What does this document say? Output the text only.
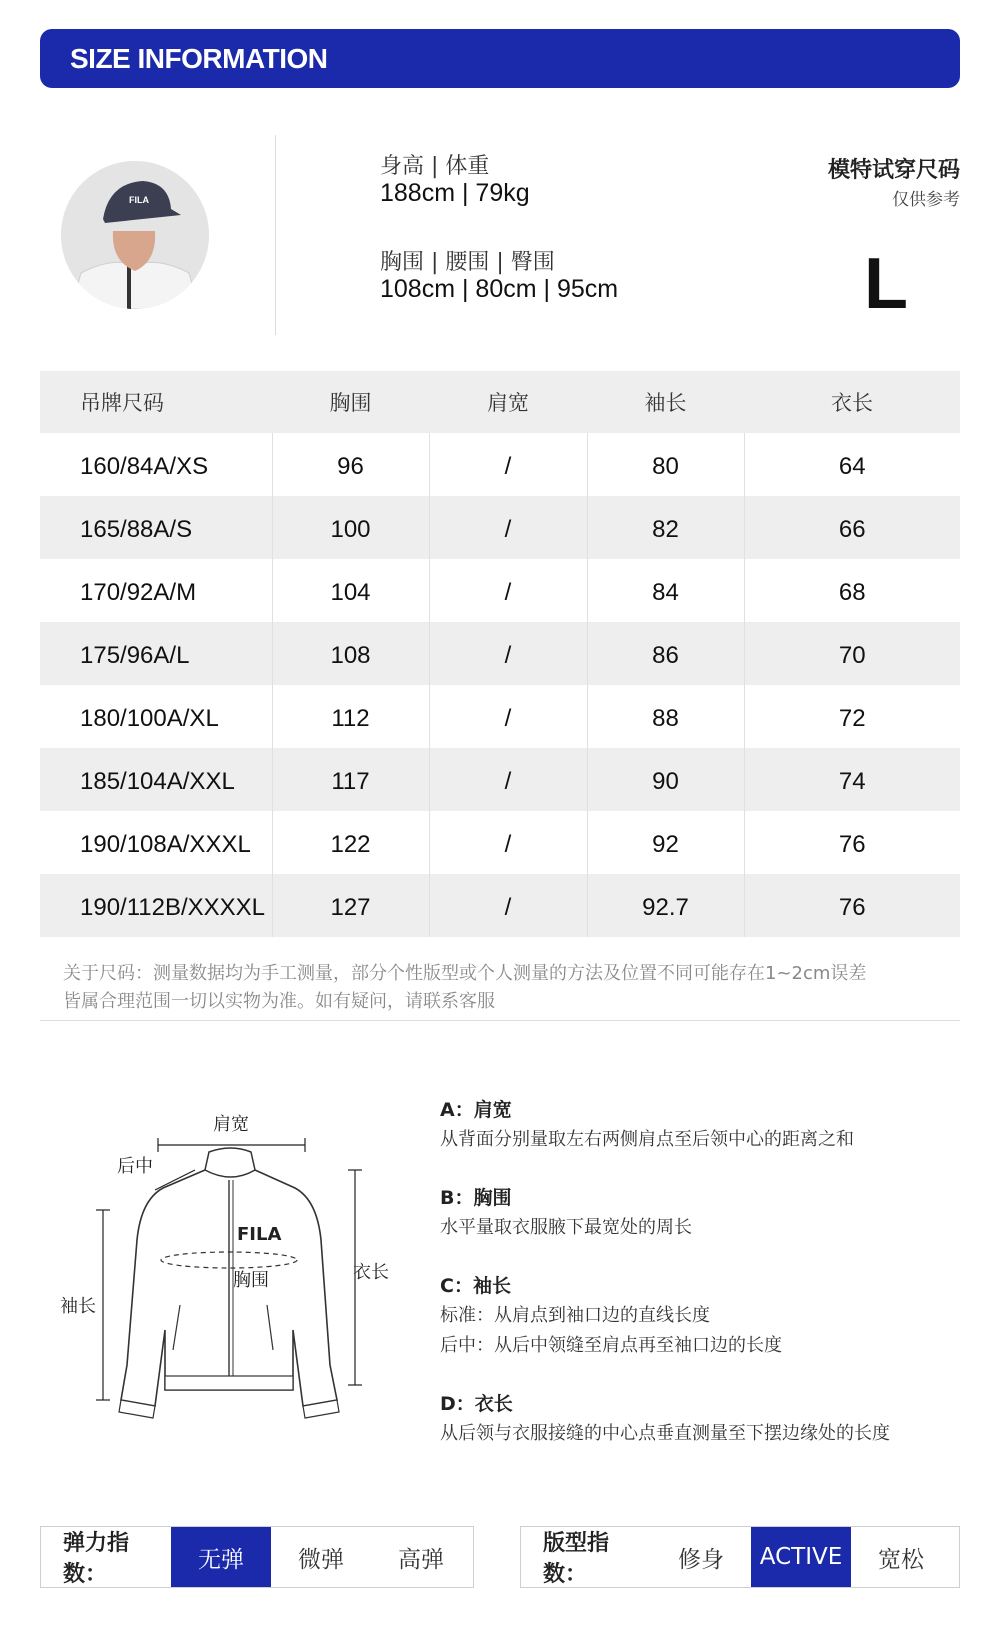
SIZE INFORMATION
FILA
身高 | 体重
188cm | 79kg
胸围 | 腰围 | 臀围
108cm | 80cm | 95cm
模特试穿尺码
仅供参考
L
吊牌尺码	胸围	肩宽	袖长	衣长
160/84A/XS	96	/	80	64
165/88A/S	100	/	82	66
170/92A/M	104	/	84	68
175/96A/L	108	/	86	70
180/100A/XL	112	/	88	72
185/104A/XXL	117	/	90	74
190/108A/XXXL	122	/	92	76
190/112B/XXXXL	127	/	92.7	76
关于尺码：测量数据均为手工测量，部分个性版型或个人测量的方法及位置不同可能存在1~2cm误差
皆属合理范围一切以实物为准。如有疑问，请联系客服
肩宽
后中
袖长
衣长
FILA
胸围
A：肩宽
从背面分别量取左右两侧肩点至后领中心的距离之和
B：胸围
水平量取衣服腋下最宽处的周长
C：袖长
标准：从肩点到袖口边的直线长度
后中：从后中领缝至肩点再至袖口边的长度
D：衣长
从后领与衣服接缝的中心点垂直测量至下摆边缘处的长度
弹力指数：
无弹	微弹	高弹
版型指数：
修身	ACTIVE	宽松
